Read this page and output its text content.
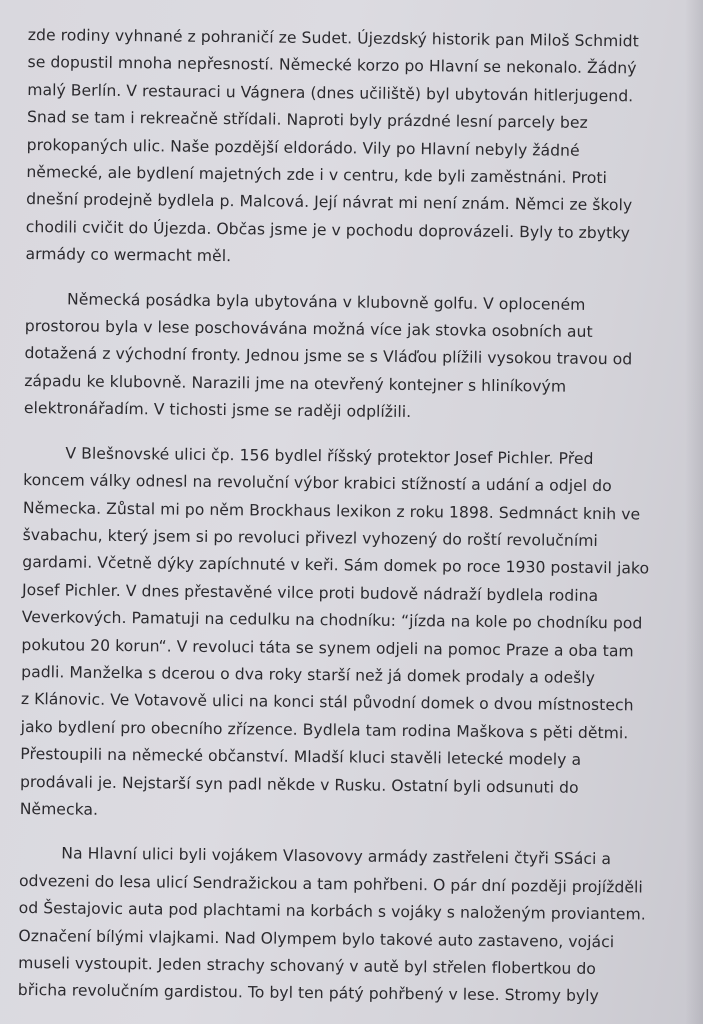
zde rodiny vyhnané z pohraničí ze Sudet. Újezdský historik pan Miloš Schmidt
se dopustil mnoha nepřesností. Německé korzo po Hlavní se nekonalo. Žádný
malý Berlín. V restauraci u Vágnera (dnes učiliště) byl ubytován hitlerjugend.
Snad se tam i rekreačně střídali. Naproti byly prázdné lesní parcely bez
prokopaných ulic. Naše pozdější eldorádo. Vily po Hlavní nebyly žádné
německé, ale bydlení majetných zde i v centru, kde byli zaměstnáni. Proti
dnešní prodejně bydlela p. Malcová. Její návrat mi není znám. Němci ze školy
chodili cvičit do Újezda. Občas jsme je v pochodu doprovázeli. Byly to zbytky
armády co wermacht měl.
Německá posádka byla ubytována v klubovně golfu. V oploceném
prostorou byla v lese poschovávána možná více jak stovka osobních aut
dotažená z východní fronty. Jednou jsme se s Vláďou plížili vysokou travou od
západu ke klubovně. Narazili jme na otevřený kontejner s hliníkovým
elektronářadím. V tichosti jsme se raději odplížili.
V Blešnovské ulici čp. 156 bydlel říšský protektor Josef Pichler. Před
koncem války odnesl na revoluční výbor krabici stížností a udání a odjel do
Německa. Zůstal mi po něm Brockhaus lexikon z roku 1898. Sedmnáct knih ve
švabachu, který jsem si po revoluci přivezl vyhozený do roští revolučními
gardami. Včetně dýky zapíchnuté v keři. Sám domek po roce 1930 postavil jako
Josef Pichler. V dnes přestavěné vilce proti budově nádraží bydlela rodina
Veverkových. Pamatuji na cedulku na chodníku: “jízda na kole po chodníku pod
pokutou 20 korun“. V revoluci táta se synem odjeli na pomoc Praze a oba tam
padli. Manželka s dcerou o dva roky starší než já domek prodaly a odešly
z Klánovic. Ve Votavově ulici na konci stál původní domek o dvou místnostech
jako bydlení pro obecního zřízence. Bydlela tam rodina Maškova s pěti dětmi.
Přestoupili na německé občanství. Mladší kluci stavěli letecké modely a
prodávali je. Nejstarší syn padl někde v Rusku. Ostatní byli odsunuti do
Německa.
Na Hlavní ulici byli vojákem Vlasovovy armády zastřeleni čtyři SSáci a
odvezeni do lesa ulicí Sendražickou a tam pohřbeni. O pár dní později projížděli
od Šestajovic auta pod plachtami na korbách s vojáky s naloženým proviantem.
Označení bílými vlajkami. Nad Olympem bylo takové auto zastaveno, vojáci
museli vystoupit. Jeden strachy schovaný v autě byl střelen flobertkou do
břicha revolučním gardistou. To byl ten pátý pohřbený v lese. Stromy byly
